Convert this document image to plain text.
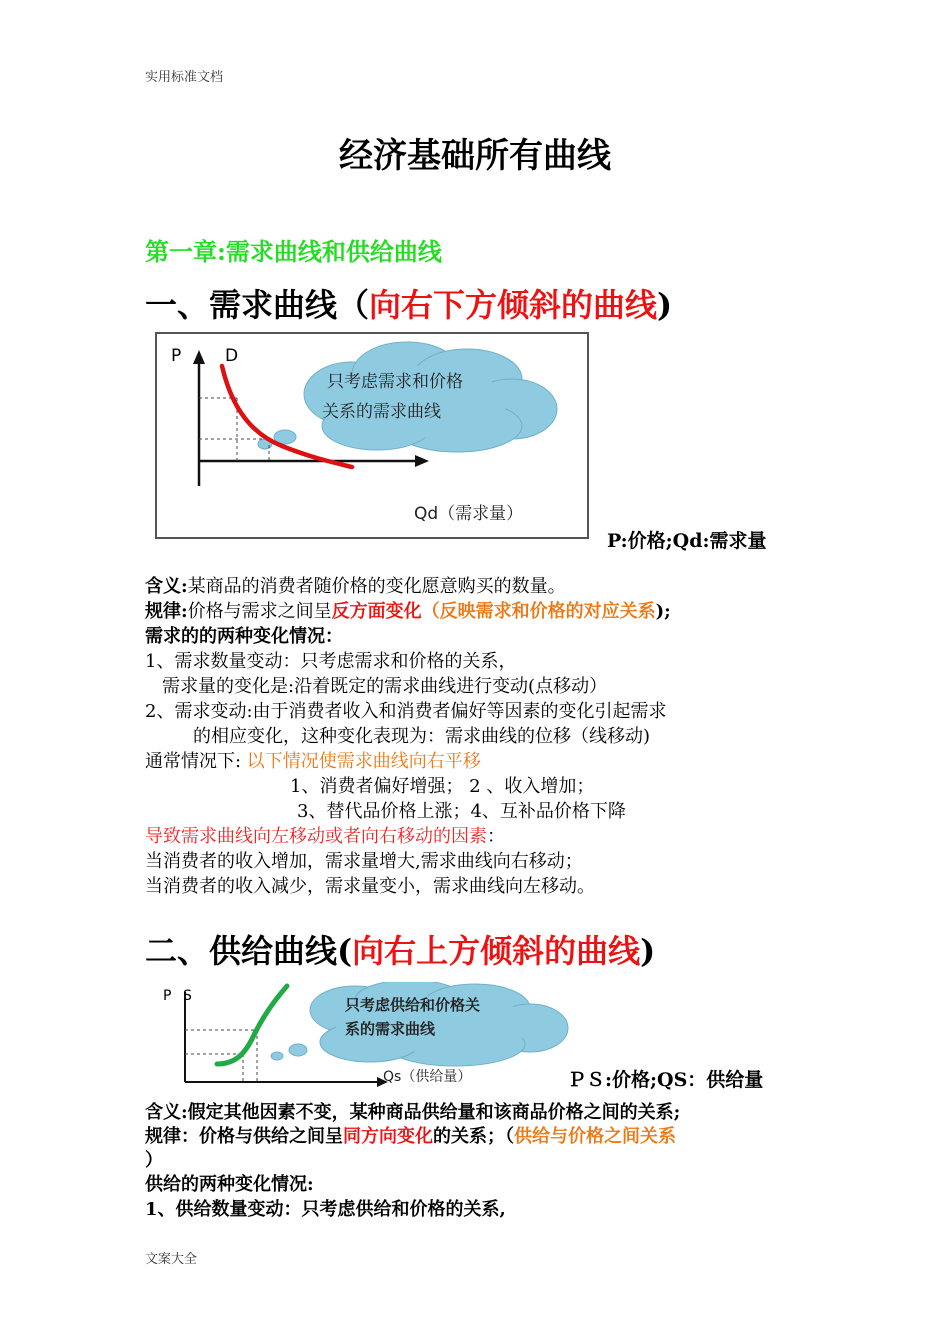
实用标准文档
文案大全
经济基础所有曲线
第一章:需求曲线和供给曲线
一、需求曲线（向右下方倾斜的曲线)
P	D
只考虑需求和价格
关系的需求曲线
Qd（需求量）
P:价格;Qd:需求量
含义:某商品的消费者随价格的变化愿意购买的数量。
规律:价格与需求之间呈反方面变化（反映需求和价格的对应关系);
需求的的两种变化情况：
1、需求数量变动：只考虑需求和价格的关系，
需求量的变化是:沿着既定的需求曲线进行变动(点移动）
2、需求变动:由于消费者收入和消费者偏好等因素的变化引起需求
的相应变化，这种变化表现为：需求曲线的位移（线移动)
通常情况下: 以下情况使需求曲线向右平移
1、消费者偏好增强； 2 、收入增加；
3、替代品价格上涨；4、互补品价格下降
导致需求曲线向左移动或者向右移动的因素：
当消费者的收入增加，需求量增大,需求曲线向右移动；
当消费者的收入减少，需求量变小，需求曲线向左移动。
二、供给曲线(向右上方倾斜的曲线)
P S	只考虑供给和价格关
系的需求曲线
Qs（供给量）	ＰＳ:价格;QS：供给量
含义:假定其他因素不变，某种商品供给量和该商品价格之间的关系;
规律：价格与供给之间呈同方向变化的关系；（供给与价格之间关系
）
供给的两种变化情况:
1、供给数量变动：只考虑供给和价格的关系,
